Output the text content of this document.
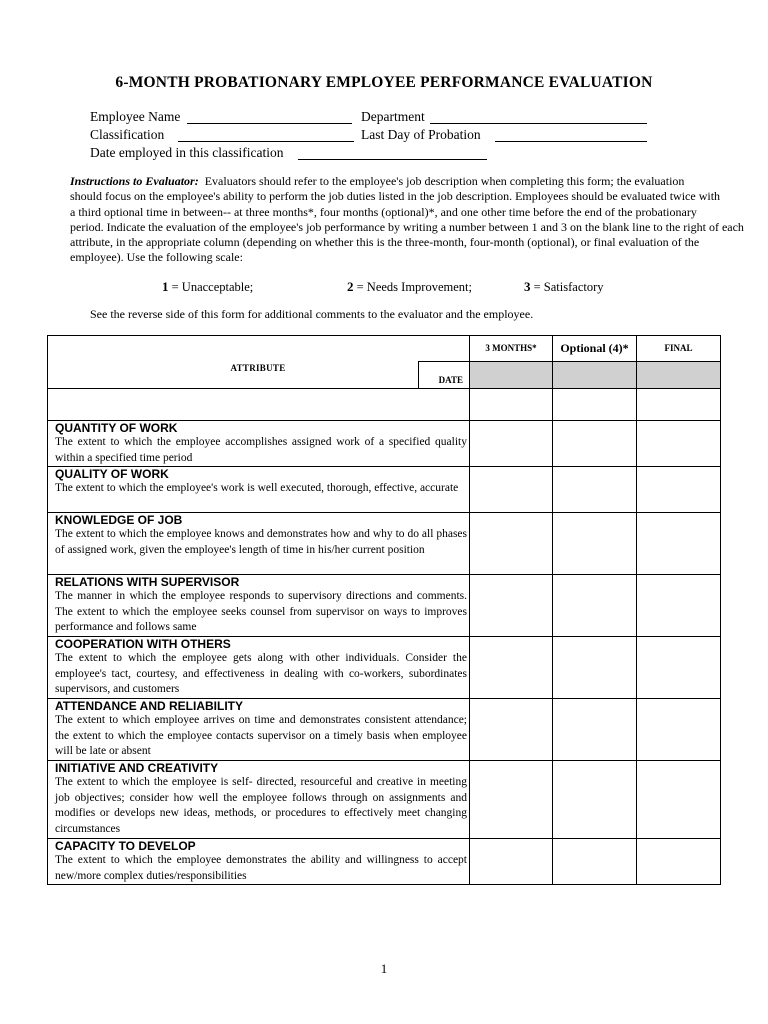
6-MONTH PROBATIONARY EMPLOYEE PERFORMANCE EVALUATION
Employee Name	Department
Classification	Last Day of Probation
Date employed in this classification

Instructions to Evaluator: Evaluators should refer to the employee's job description when completing this form; the evaluation

should focus on the employee's ability to perform the job duties listed in the job description. Employees should be evaluated twice with

a third optional time in between-- at three months*, four months (optional)*, and one other time before the end of the probationary

period. Indicate the evaluation of the employee's job performance by writing a number between 1 and 3 on the blank line to the right of each

attribute, in the appropriate column (depending on whether this is the three-month, four-month (optional), or final evaluation of the

employee). Use the following scale:

1 = Unacceptable;	2 = Needs Improvement;	3 = Satisfactory
See the reverse side of this form for additional comments to the evaluator and the employee.
ATTRIBUTE
DATE	3 MONTHS*	Optional (4)*	FINAL

QUANTITY OF WORK
The extent to which the employee accomplishes assigned work of a specified quality within a specified time period			

QUALITY OF WORK
The extent to which the employee's work is well executed, thorough, effective, accurate			

KNOWLEDGE OF JOB
The extent to which the employee knows and demonstrates how and why to do all phases of assigned work, given the employee's length of time in his/her current position			

RELATIONS WITH SUPERVISOR
The manner in which the employee responds to supervisory directions and comments. The extent to which the employee seeks counsel from supervisor on ways to improves performance and follows same			

COOPERATION WITH OTHERS
The extent to which the employee gets along with other individuals. Consider the employee's tact, courtesy, and effectiveness in dealing with co-workers, subordinates supervisors, and customers			

ATTENDANCE AND RELIABILITY
The extent to which employee arrives on time and demonstrates consistent attendance; the extent to which the employee contacts supervisor on a timely basis when employee will be late or absent			

INITIATIVE AND CREATIVITY
The extent to which the employee is self- directed, resourceful and creative in meeting job objectives; consider how well the employee follows through on assignments and modifies or develops new ideas, methods, or procedures to effectively meet changing circumstances			

CAPACITY TO DEVELOP
The extent to which the employee demonstrates the ability and willingness to accept new/more complex duties/responsibilities			

1
